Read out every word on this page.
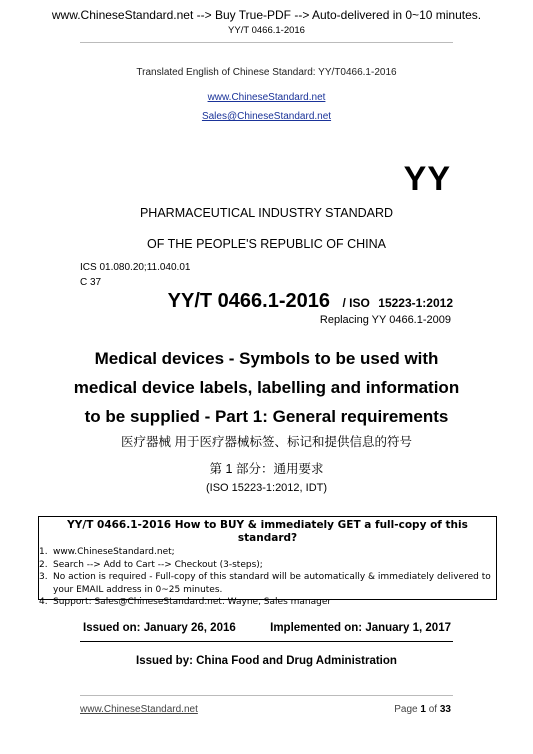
www.ChineseStandard.net --> Buy True-PDF --> Auto-delivered in 0~10 minutes.
YY/T 0466.1-2016
Translated English of Chinese Standard: YY/T0466.1-2016
www.ChineseStandard.net
Sales@ChineseStandard.net
YY
PHARMACEUTICAL INDUSTRY STANDARD
OF THE PEOPLE'S REPUBLIC OF CHINA
ICS 01.080.20;11.040.01
C 37
YY/T 0466.1-2016 / ISO 15223-1:2012
Replacing YY 0466.1-2009
Medical devices - Symbols to be used with
medical device labels, labelling and information
to be supplied - Part 1: General requirements
医疗器械 用于医疗器械标签、标记和提供信息的符号
第 1 部分：通用要求
(ISO 15223-1:2012, IDT)
YY/T 0466.1-2016 How to BUY & immediately GET a full-copy of this standard?
1. www.ChineseStandard.net;
2. Search --> Add to Cart --> Checkout (3-steps);
3. No action is required - Full-copy of this standard will be automatically & immediately delivered to your EMAIL address in 0~25 minutes.
4. Support: Sales@ChineseStandard.net. Wayne, Sales manager
Issued on: January 26, 2016	Implemented on: January 1, 2017
Issued by: China Food and Drug Administration
www.ChineseStandard.net	Page 1 of 33
